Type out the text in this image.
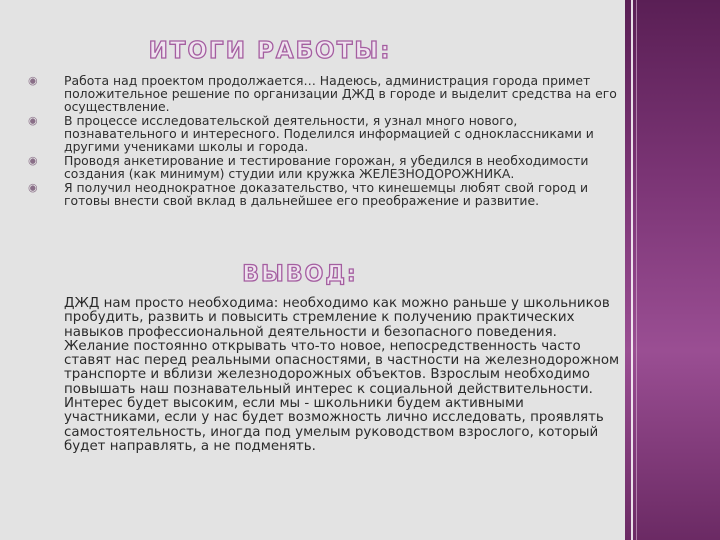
ИТОГИ РАБОТЫ:
◉ Работа над проектом продолжается… Надеюсь, администрация города примет положительное решение по организации ДЖД в городе и выделит средства на его осуществление.
◉ В процессе исследовательской деятельности, я узнал много нового, познавательного и интересного. Поделился информацией с одноклассниками и другими учениками школы и города.
◉ Проводя анкетирование и тестирование горожан, я убедился в необходимости создания (как минимум) студии или кружка ЖЕЛЕЗНОДОРОЖНИКА.
◉ Я получил неоднократное доказательство, что кинешемцы любят свой город и готовы внести свой вклад в дальнейшее его преображение и развитие.
ВЫВОД:
ДЖД нам просто необходима: необходимо как можно раньше у школьников пробудить, развить и повысить стремление к получению практических навыков профессиональной деятельности и безопасного поведения. Желание постоянно открывать что-то новое, непосредственность часто ставят нас перед реальными опасностями, в частности на железнодорожном транспорте и вблизи железнодорожных объектов. Взрослым необходимо повышать наш познавательный интерес к социальной действительности. Интерес будет высоким, если мы - школьники будем активными участниками, если у нас будет возможность лично исследовать, проявлять самостоятельность, иногда под умелым руководством взрослого, который будет направлять, а не подменять.
